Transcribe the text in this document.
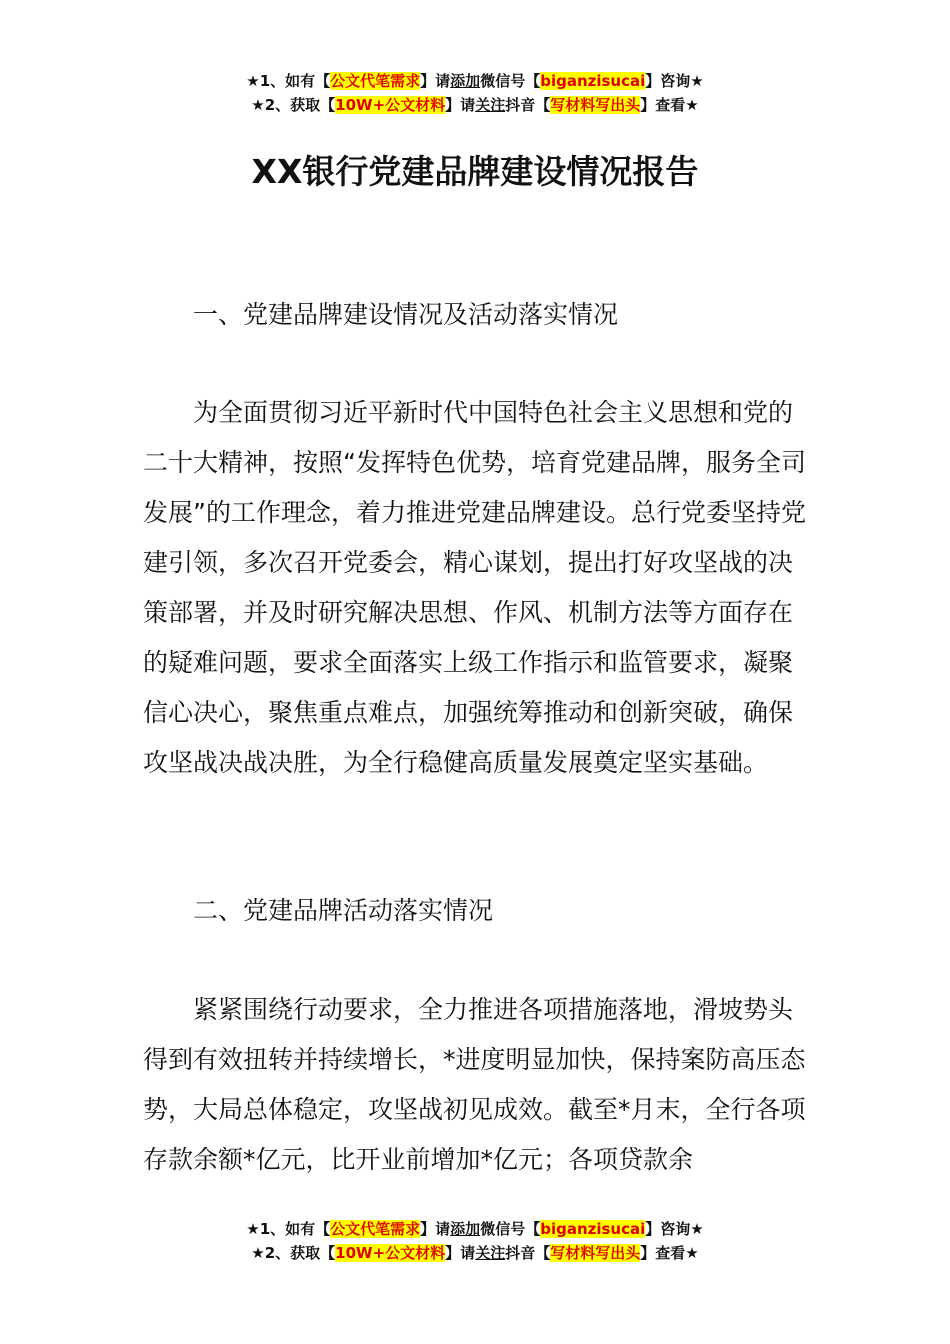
★1、如有【公文代笔需求】请添加微信号【biganzisucai】咨询★
★2、获取【10W+公文材料】请关注抖音【写材料写出头】查看★
XX银行党建品牌建设情况报告
一、党建品牌建设情况及活动落实情况

为全面贯彻习近平新时代中国特色社会主义思想和党的二十大精神，按照“发挥特色优势，培育党建品牌，服务全司发展”的工作理念，着力推进党建品牌建设。总行党委坚持党建引领，多次召开党委会，精心谋划，提出打好攻坚战的决策部署，并及时研究解决思想、作风、机制方法等方面存在的疑难问题，要求全面落实上级工作指示和监管要求，凝聚信心决心，聚焦重点难点，加强统筹推动和创新突破，确保攻坚战决战决胜，为全行稳健高质量发展奠定坚实基础。

二、党建品牌活动落实情况

紧紧围绕行动要求，全力推进各项措施落地，滑坡势头得到有效扭转并持续增长，*进度明显加快，保持案防高压态势，大局总体稳定，攻坚战初见成效。截至*月末，全行各项存款余额*亿元，比开业前增加*亿元；各项贷款余

★1、如有【公文代笔需求】请添加微信号【biganzisucai】咨询★
★2、获取【10W+公文材料】请关注抖音【写材料写出头】查看★
